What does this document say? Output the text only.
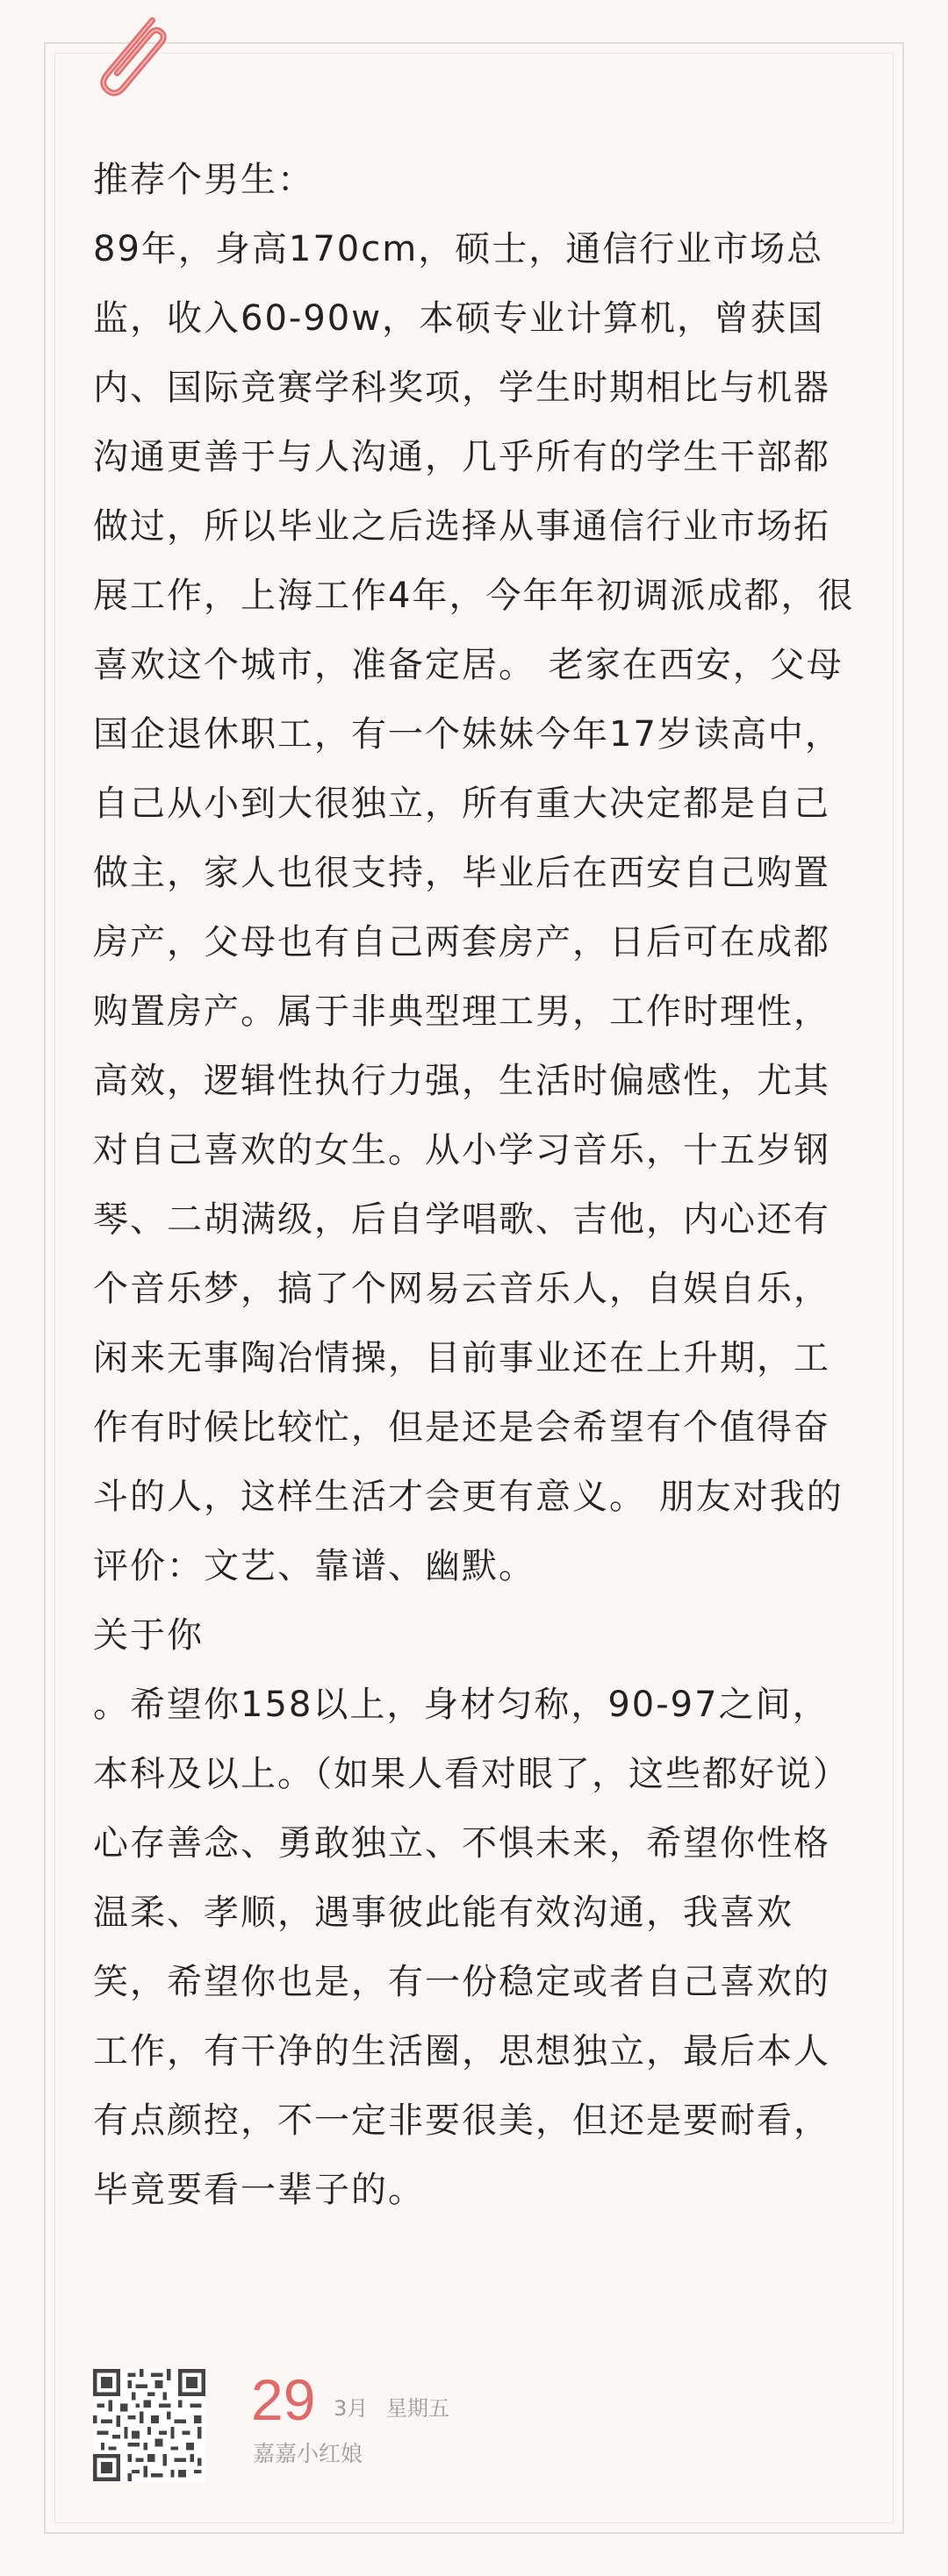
推荐个男生：

89年，身高170cm，硕士，通信行业市场总监，收入60-90w，本硕专业计算机，曾获国内、国际竞赛学科奖项，学生时期相比与机器沟通更善于与人沟通，几乎所有的学生干部都做过，所以毕业之后选择从事通信行业市场拓展工作，上海工作4年，今年年初调派成都，很喜欢这个城市，准备定居。 老家在西安，父母国企退休职工，有一个妹妹今年17岁读高中，自己从小到大很独立，所有重大决定都是自己做主，家人也很支持，毕业后在西安自己购置房产，父母也有自己两套房产，日后可在成都购置房产。属于非典型理工男，工作时理性，高效，逻辑性执行力强，生活时偏感性，尤其对自己喜欢的女生。从小学习音乐，十五岁钢琴、二胡满级，后自学唱歌、吉他，内心还有个音乐梦，搞了个网易云音乐人，自娱自乐，闲来无事陶冶情操，目前事业还在上升期，工作有时候比较忙，但是还是会希望有个值得奋斗的人，这样生活才会更有意义。 朋友对我的评价：文艺、靠谱、幽默。

关于你

。希望你158以上，身材匀称，90-97之间，本科及以上。（如果人看对眼了，这些都好说）心存善念、勇敢独立、不惧未来，希望你性格温柔、孝顺，遇事彼此能有效沟通，我喜欢笑，希望你也是，有一份稳定或者自己喜欢的工作，有干净的生活圈，思想独立，最后本人有点颜控，不一定非要很美，但还是要耐看，毕竟要看一辈子的。

29 3月 星期五
嘉嘉小红娘
